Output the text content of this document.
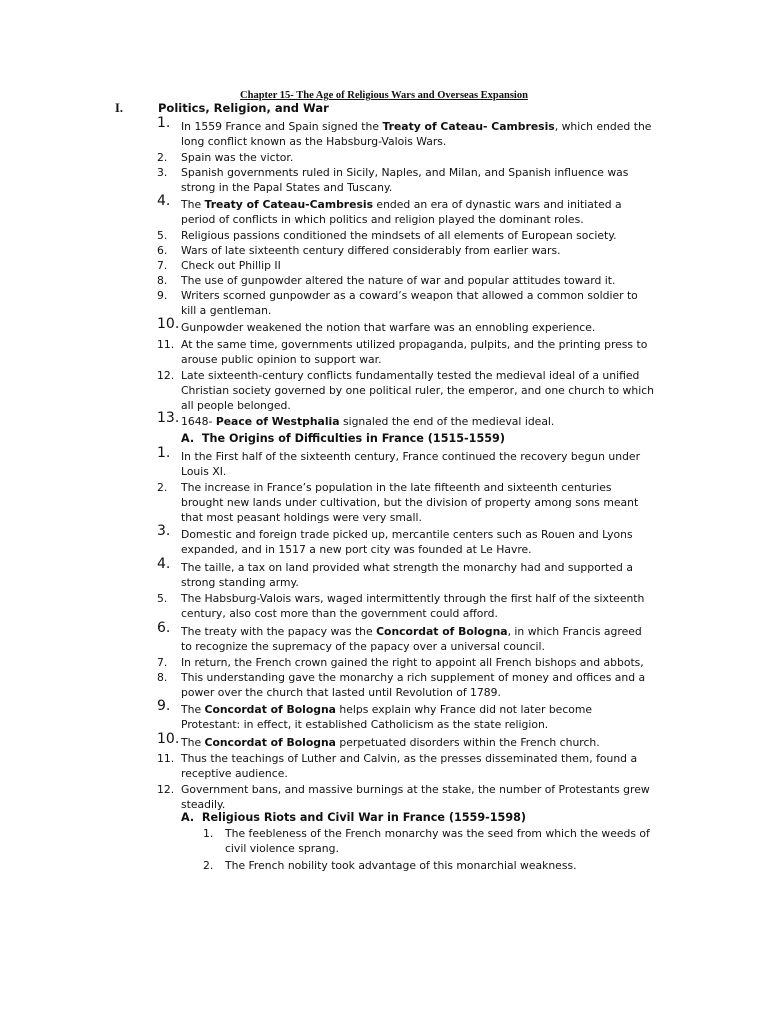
Chapter 15- The Age of Religious Wars and Overseas Expansion
I.	Politics, Religion, and War
1. In 1559 France and Spain signed the Treaty of Cateau- Cambresis, which ended the
long conflict known as the Habsburg-Valois Wars.
2.	Spain was the victor.
3.	Spanish governments ruled in Sicily, Naples, and Milan, and Spanish influence was
strong in the Papal States and Tuscany.
4. The Treaty of Cateau-Cambresis ended an era of dynastic wars and initiated a
period of conflicts in which politics and religion played the dominant roles.
5.	Religious passions conditioned the mindsets of all elements of European society.
6.	Wars of late sixteenth century differed considerably from earlier wars.
7.	Check out Phillip II
8.	The use of gunpowder altered the nature of war and popular attitudes toward it.
9.	Writers scorned gunpowder as a coward’s weapon that allowed a common soldier to
kill a gentleman.
10. Gunpowder weakened the notion that warfare was an ennobling experience.
11. At the same time, governments utilized propaganda, pulpits, and the printing press to
arouse public opinion to support war.
12. Late sixteenth-century conflicts fundamentally tested the medieval ideal of a unified
Christian society governed by one political ruler, the emperor, and one church to which
all people belonged.
13. 1648- Peace of Westphalia signaled the end of the medieval ideal.
A. The Origins of Difficulties in France (1515-1559)
1. In the First half of the sixteenth century, France continued the recovery begun under
Louis XI.
2.	The increase in France’s population in the late fifteenth and sixteenth centuries
brought new lands under cultivation, but the division of property among sons meant
that most peasant holdings were very small.
3. Domestic and foreign trade picked up, mercantile centers such as Rouen and Lyons
expanded, and in 1517 a new port city was founded at Le Havre.
4. The taille, a tax on land provided what strength the monarchy had and supported a
strong standing army.
5.	The Habsburg-Valois wars, waged intermittently through the first half of the sixteenth
century, also cost more than the government could afford.
6. The treaty with the papacy was the Concordat of Bologna, in which Francis agreed
to recognize the supremacy of the papacy over a universal council.
7.	In return, the French crown gained the right to appoint all French bishops and abbots,
8.	This understanding gave the monarchy a rich supplement of money and offices and a
power over the church that lasted until Revolution of 1789.
9. The Concordat of Bologna helps explain why France did not later become
Protestant: in effect, it established Catholicism as the state religion.
10. The Concordat of Bologna perpetuated disorders within the French church.
11. Thus the teachings of Luther and Calvin, as the presses disseminated them, found a
receptive audience.
12. Government bans, and massive burnings at the stake, the number of Protestants grew
steadily.
A. Religious Riots and Civil War in France (1559-1598)
1.	The feebleness of the French monarchy was the seed from which the weeds of
civil violence sprang.
2.	The French nobility took advantage of this monarchial weakness.
